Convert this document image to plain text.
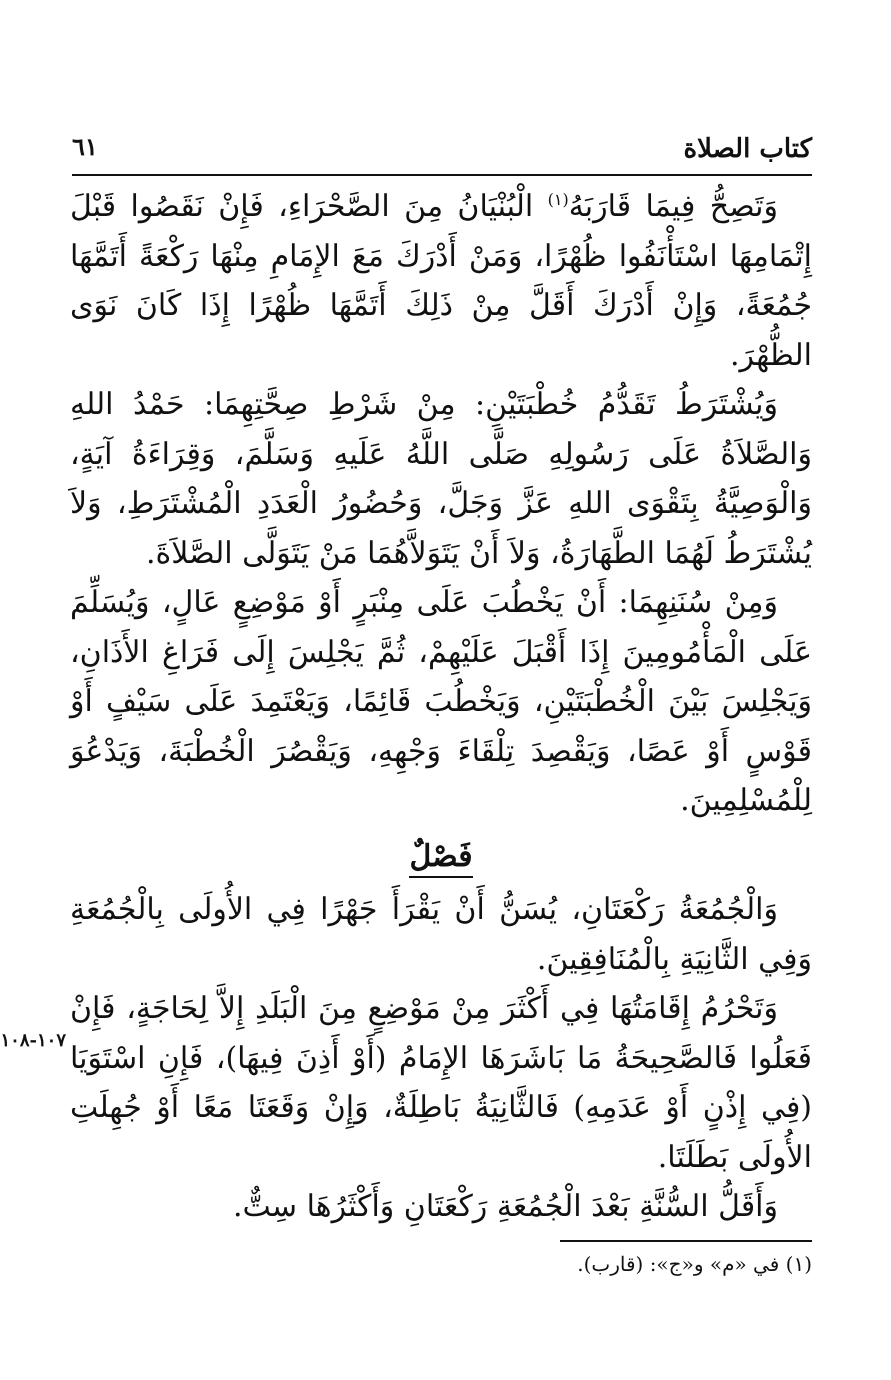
كتاب الصلاة
٦١

وَتَصِحُّ فِيمَا قَارَبَهُ$^{(١)}$ الْبُنْيَانُ مِنَ الصَّحْرَاءِ، فَإِنْ نَقَصُوا قَبْلَ إِتْمَامِهَا اسْتَأْنَفُوا ظُهْرًا، وَمَنْ أَدْرَكَ مَعَ الإِمَامِ مِنْهَا رَكْعَةً أَتَمَّهَا جُمُعَةً، وَإِنْ أَدْرَكَ أَقَلَّ مِنْ ذَلِكَ أَتَمَّهَا ظُهْرًا إِذَا كَانَ نَوَى الظُّهْرَ.

وَيُشْتَرَطُ تَقَدُّمُ خُطْبَتَيْنِ: مِنْ شَرْطِ صِحَّتِهِمَا: حَمْدُ اللهِ وَالصَّلاَةُ عَلَى رَسُولِهِ صَلَّى اللَّهُ عَلَيهِ وَسَلَّمَ، وَقِرَاءَةُ آيَةٍ، وَالْوَصِيَّةُ بِتَقْوَى اللهِ عَزَّ وَجَلَّ، وَحُضُورُ الْعَدَدِ الْمُشْتَرَطِ، وَلاَ يُشْتَرَطُ لَهُمَا الطَّهَارَةُ، وَلاَ أَنْ يَتَوَلاَّهُمَا مَنْ يَتَوَلَّى الصَّلاَةَ.

وَمِنْ سُنَنِهِمَا: أَنْ يَخْطُبَ عَلَى مِنْبَرٍ أَوْ مَوْضِعٍ عَالٍ، وَيُسَلِّمَ عَلَى الْمَأْمُومِينَ إِذَا أَقْبَلَ عَلَيْهِمْ، ثُمَّ يَجْلِسَ إِلَى فَرَاغِ الأَذَانِ، وَيَجْلِسَ بَيْنَ الْخُطْبَتَيْنِ، وَيَخْطُبَ قَائِمًا، وَيَعْتَمِدَ عَلَى سَيْفٍ أَوْ قَوْسٍ أَوْ عَصًا، وَيَقْصِدَ تِلْقَاءَ وَجْهِهِ، وَيَقْصُرَ الْخُطْبَةَ، وَيَدْعُوَ لِلْمُسْلِمِينَ.

فَصْلٌ

وَالْجُمُعَةُ رَكْعَتَانِ، يُسَنُّ أَنْ يَقْرَأَ جَهْرًا فِي الأُولَى بِالْجُمُعَةِ وَفِي الثَّانِيَةِ بِالْمُنَافِقِينَ.

وَتَحْرُمُ إِقَامَتُهَا فِي أَكْثَرَ مِنْ مَوْضِعٍ مِنَ الْبَلَدِ إِلاَّ لِحَاجَةٍ، فَإِنْ فَعَلُوا فَالصَّحِيحَةُ مَا بَاشَرَهَا الإِمَامُ (أَوْ أَذِنَ فِيهَا)، فَإِنِ اسْتَوَيَا (فِي إِذْنٍ أَوْ عَدَمِهِ) فَالثَّانِيَةُ بَاطِلَةٌ، وَإِنْ وَقَعَتَا مَعًا أَوْ جُهِلَتِ الأُولَى بَطَلَتَا.

وَأَقَلُّ السُّنَّةِ بَعْدَ الْجُمُعَةِ رَكْعَتَانِ وَأَكْثَرُهَا سِتٌّ.

١٠٧-١٠٨
(١) في «م» و«ج»: (قارب).
